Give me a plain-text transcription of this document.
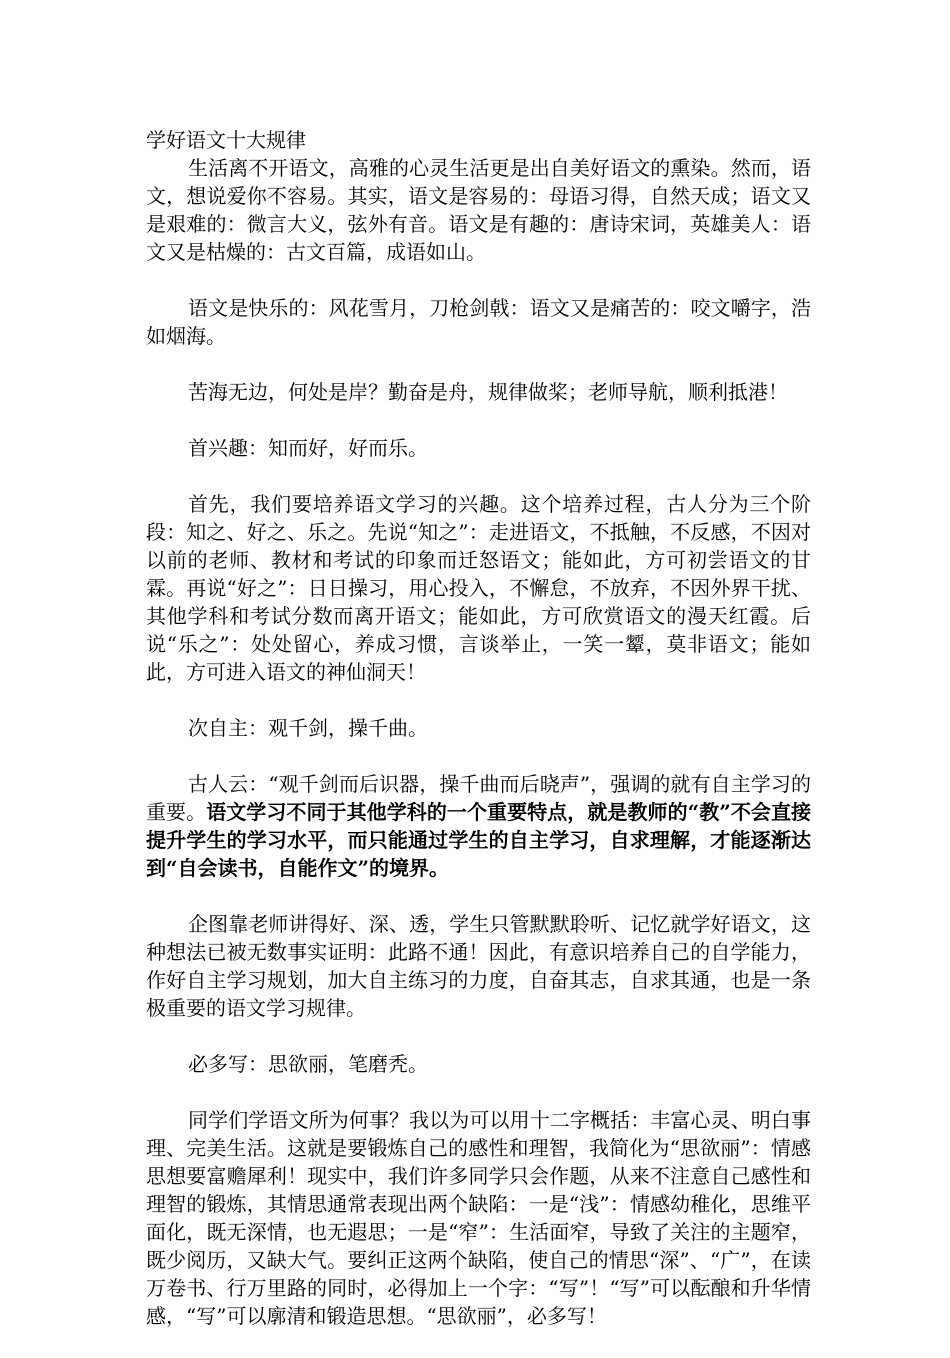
学好语文十大规律

生活离不开语文，高雅的心灵生活更是出自美好语文的熏染。然而，语文，想说爱你不容易。其实，语文是容易的：母语习得，自然天成；语文又是艰难的：微言大义，弦外有音。语文是有趣的：唐诗宋词，英雄美人：语文又是枯燥的：古文百篇，成语如山。

语文是快乐的：风花雪月，刀枪剑戟：语文又是痛苦的：咬文嚼字，浩如烟海。

苦海无边，何处是岸？勤奋是舟，规律做桨；老师导航，顺利抵港！

首兴趣：知而好，好而乐。

首先，我们要培养语文学习的兴趣。这个培养过程，古人分为三个阶段：知之、好之、乐之。先说“知之”：走进语文，不抵触，不反感，不因对以前的老师、教材和考试的印象而迁怒语文；能如此，方可初尝语文的甘霖。再说“好之”：日日操习，用心投入，不懈怠，不放弃，不因外界干扰、其他学科和考试分数而离开语文；能如此，方可欣赏语文的漫天红霞。后说“乐之”：处处留心，养成习惯，言谈举止，一笑一颦，莫非语文；能如此，方可进入语文的神仙洞天！

次自主：观千剑，操千曲。

古人云：“观千剑而后识器，操千曲而后晓声”，强调的就有自主学习的重要。语文学习不同于其他学科的一个重要特点，就是教师的“教”不会直接提升学生的学习水平，而只能通过学生的自主学习，自求理解，才能逐渐达到“自会读书，自能作文”的境界。

企图靠老师讲得好、深、透，学生只管默默聆听、记忆就学好语文，这种想法已被无数事实证明：此路不通！因此，有意识培养自己的自学能力，作好自主学习规划，加大自主练习的力度，自奋其志，自求其通，也是一条极重要的语文学习规律。

必多写：思欲丽，笔磨秃。

同学们学语文所为何事？我以为可以用十二字概括：丰富心灵、明白事理、完美生活。这就是要锻炼自己的感性和理智，我简化为“思欲丽”：情感思想要富赡犀利！现实中，我们许多同学只会作题，从来不注意自己感性和理智的锻炼，其情思通常表现出两个缺陷：一是“浅”：情感幼稚化，思维平面化，既无深情，也无遐思；一是“窄”：生活面窄，导致了关注的主题窄，既少阅历，又缺大气。要纠正这两个缺陷，使自己的情思“深”、“广”，在读万卷书、行万里路的同时，必得加上一个字：“写”！“写”可以酝酿和升华情感，“写”可以廓清和锻造思想。“思欲丽”，必多写！
